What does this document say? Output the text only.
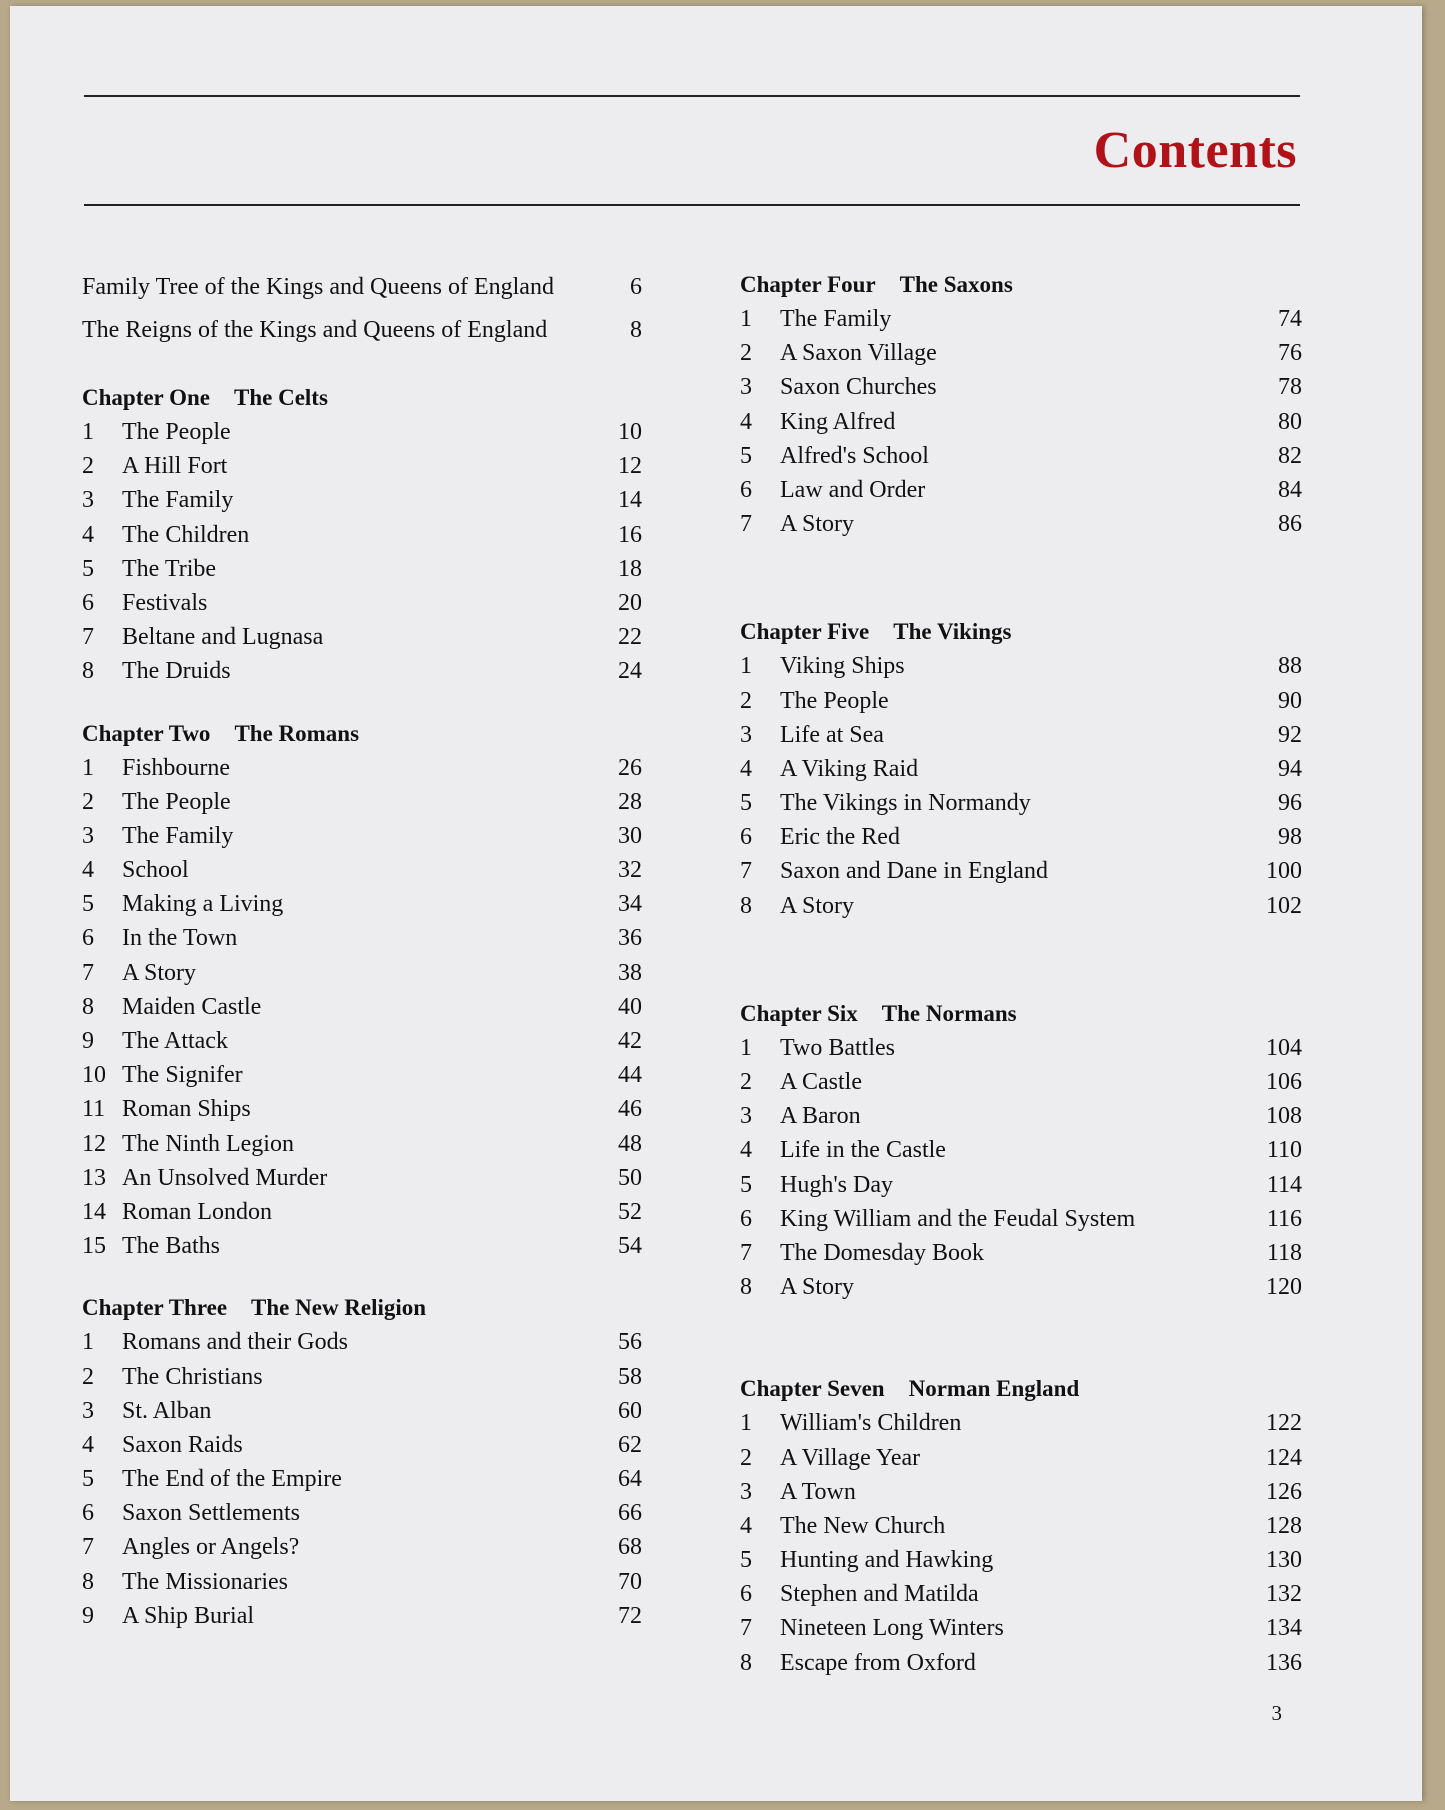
Contents
Family Tree of the Kings and Queens of England	6
The Reigns of the Kings and Queens of England	8
Chapter One The Celts
1	The People	10
2	A Hill Fort	12
3	The Family	14
4	The Children	16
5	The Tribe	18
6	Festivals	20
7	Beltane and Lugnasa	22
8	The Druids	24
Chapter Two The Romans
1	Fishbourne	26
2	The People	28
3	The Family	30
4	School	32
5	Making a Living	34
6	In the Town	36
7	A Story	38
8	Maiden Castle	40
9	The Attack	42
10 The Signifer	44
11 Roman Ships	46
12 The Ninth Legion	48
13 An Unsolved Murder	50
14 Roman London	52
15 The Baths	54
Chapter Three The New Religion
1	Romans and their Gods	56
2	The Christians	58
3	St. Alban	60
4	Saxon Raids	62
5	The End of the Empire	64
6	Saxon Settlements	66
7	Angles or Angels?	68
8	The Missionaries	70
9	A Ship Burial	72
Chapter Four The Saxons
1	The Family	74
2	A Saxon Village	76
3	Saxon Churches	78
4	King Alfred	80
5	Alfred's School	82
6	Law and Order	84
7	A Story	86
Chapter Five The Vikings
1	Viking Ships	88
2	The People	90
3	Life at Sea	92
4	A Viking Raid	94
5	The Vikings in Normandy	96
6	Eric the Red	98
7	Saxon and Dane in England	100
8	A Story	102
Chapter Six The Normans
1	Two Battles	104
2	A Castle	106
3	A Baron	108
4	Life in the Castle	110
5	Hugh's Day	114
6	King William and the Feudal System	116
7	The Domesday Book	118
8	A Story	120
Chapter Seven Norman England
1	William's Children	122
2	A Village Year	124
3	A Town	126
4	The New Church	128
5	Hunting and Hawking	130
6	Stephen and Matilda	132
7	Nineteen Long Winters	134
8	Escape from Oxford	136
3
